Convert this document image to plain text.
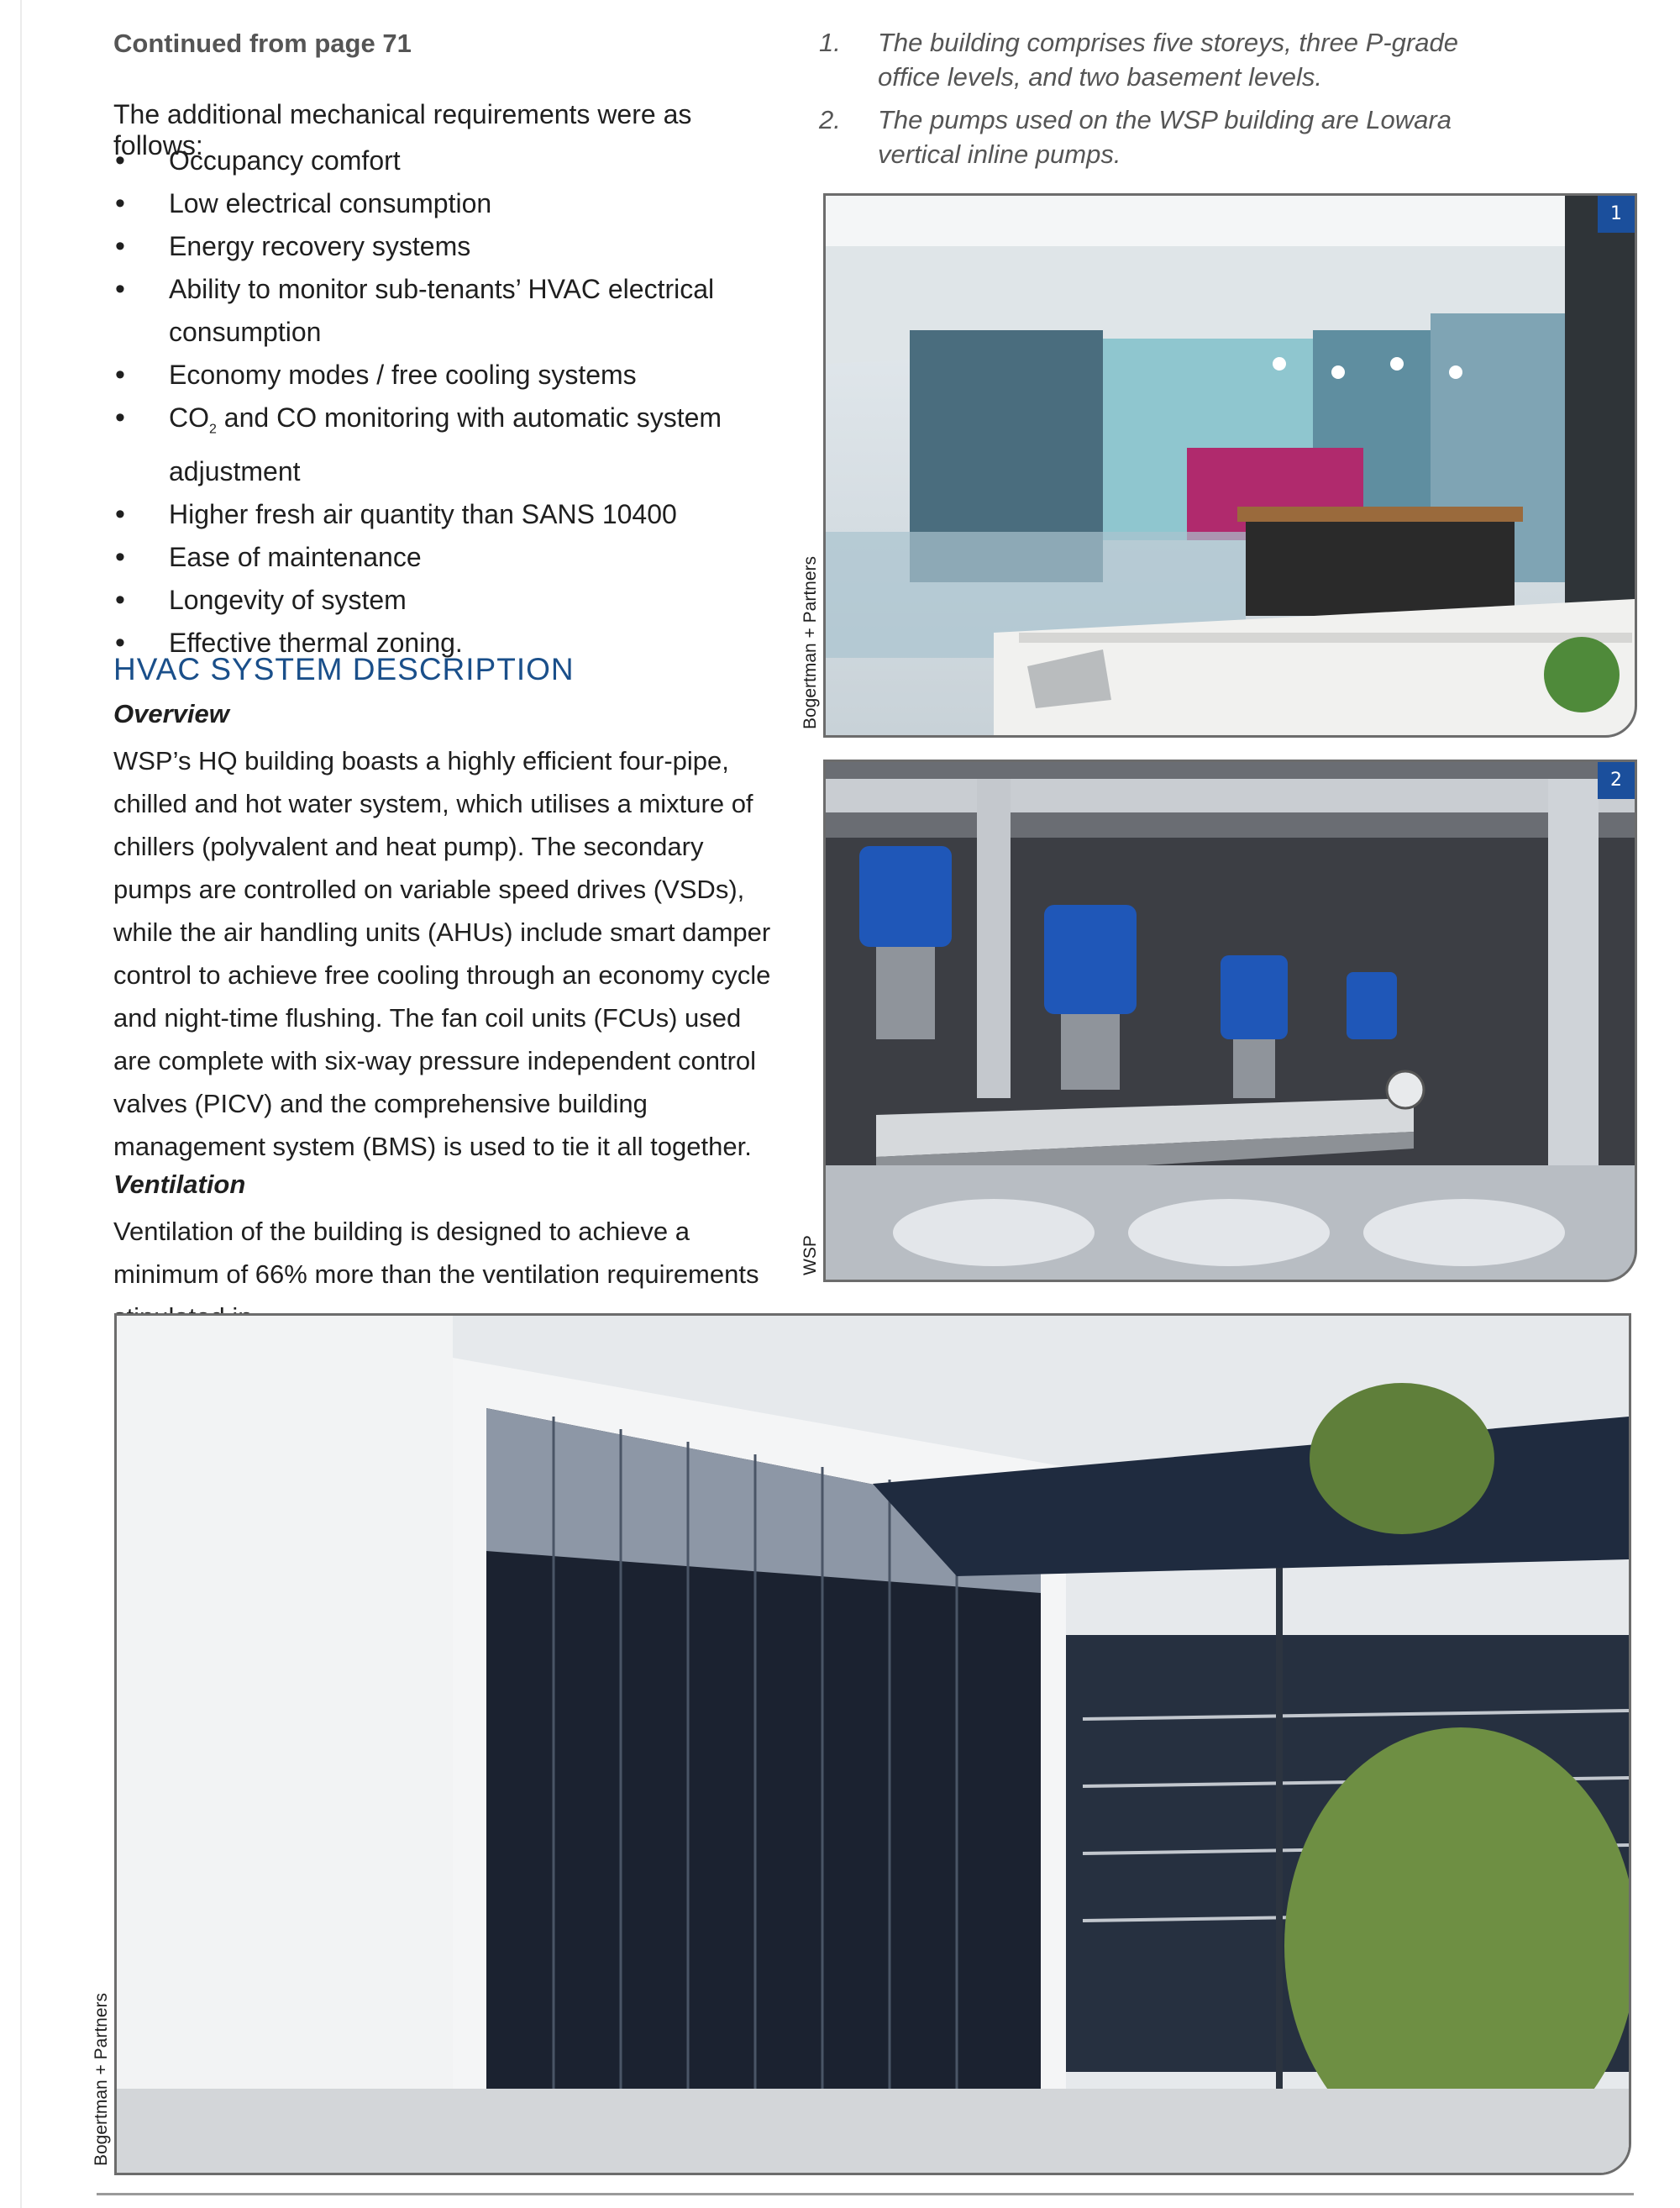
Continued from page 71
The additional mechanical requirements were as follows:
• Occupancy comfort
• Low electrical consumption
• Energy recovery systems
• Ability to monitor sub-tenants’ HVAC electrical consumption
• Economy modes / free cooling systems
• $CO_2$ and CO monitoring with automatic system adjustment
• Higher fresh air quantity than SANS 10400
• Ease of maintenance
• Longevity of system
• Effective thermal zoning.
HVAC SYSTEM DESCRIPTION
Overview

WSP’s HQ building boasts a highly efficient four-pipe, chilled and hot water system, which utilises a mixture of chillers (polyvalent and heat pump). The secondary pumps are controlled on variable speed drives (VSDs), while the air handling units (AHUs) include smart damper control to achieve free cooling through an economy cycle and night-time flushing. The fan coil units (FCUs) used are complete with six-way pressure independent control valves (PICV) and the comprehensive building management system (BMS) is used to tie it all together.

Ventilation

Ventilation of the building is designed to achieve a minimum of 66% more than the ventilation requirements

1. The building comprises five storeys, three P-grade office levels, and two basement levels.
2. The pumps used on the WSP building are Lowara vertical inline pumps.
1
Bogertman + Partners
2
WSP
Bogertman + Partners
